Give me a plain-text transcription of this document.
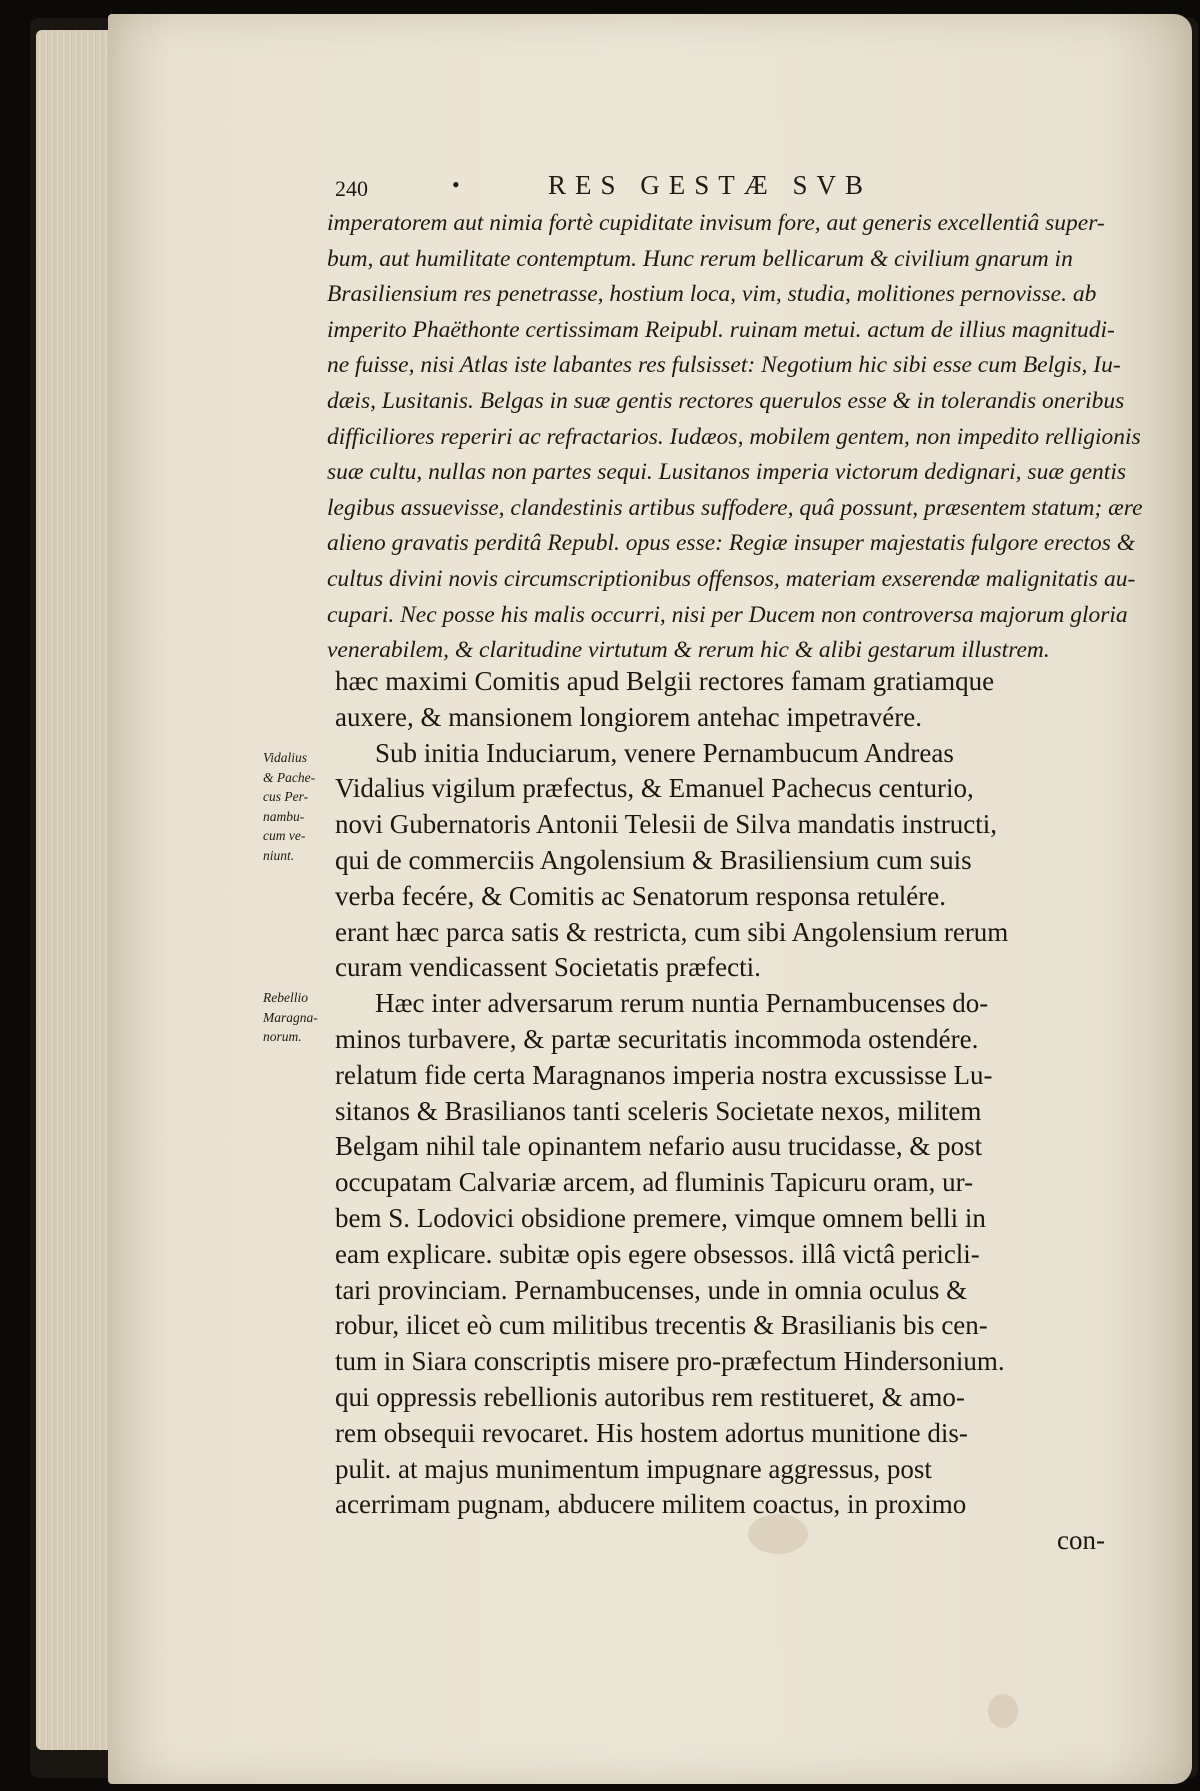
240	•	RES GESTÆ SVB
imperatorem aut nimia fortè cupiditate invisum fore, aut generis excellentiâ super-
bum, aut humilitate contemptum. Hunc rerum bellicarum & civilium gnarum in
Brasiliensium res penetrasse, hostium loca, vim, studia, molitiones pernovisse. ab
imperito Phaëthonte certissimam Reipubl. ruinam metui. actum de illius magnitudi-
ne fuisse, nisi Atlas iste labantes res fulsisset: Negotium hic sibi esse cum Belgis, Iu-
dæis, Lusitanis. Belgas in suæ gentis rectores querulos esse & in tolerandis oneribus
difficiliores reperiri ac refractarios. Iudæos, mobilem gentem, non impedito relligionis
suæ cultu, nullas non partes sequi. Lusitanos imperia victorum dedignari, suæ gentis
legibus assuevisse, clandestinis artibus suffodere, quâ possunt, præsentem statum; ære
alieno gravatis perditâ Republ. opus esse: Regiæ insuper majestatis fulgore erectos &
cultus divini novis circumscriptionibus offensos, materiam exserendæ malignitatis au-
cupari. Nec posse his malis occurri, nisi per Ducem non controversa majorum gloria
venerabilem, & claritudine virtutum & rerum hic & alibi gestarum illustrem.
hæc maximi Comitis apud Belgii rectores famam gratiamque
auxere, & mansionem longiorem antehac impetravére.
Sub initia Induciarum, venere Pernambucum Andreas
Vidalius vigilum præfectus, & Emanuel Pachecus centurio,
novi Gubernatoris Antonii Telesii de Silva mandatis instructi,
qui de commerciis Angolensium & Brasiliensium cum suis
verba fecére, & Comitis ac Senatorum responsa retulére.
erant hæc parca satis & restricta, cum sibi Angolensium rerum
curam vendicassent Societatis præfecti.
Hæc inter adversarum rerum nuntia Pernambucenses do-
minos turbavere, & partæ securitatis incommoda ostendére.
relatum fide certa Maragnanos imperia nostra excussisse Lu-
sitanos & Brasilianos tanti sceleris Societate nexos, militem
Belgam nihil tale opinantem nefario ausu trucidasse, & post
occupatam Calvariæ arcem, ad fluminis Tapicuru oram, ur-
bem S. Lodovici obsidione premere, vimque omnem belli in
eam explicare. subitæ opis egere obsessos. illâ victâ pericli-
tari provinciam. Pernambucenses, unde in omnia oculus &
robur, ilicet eò cum militibus trecentis & Brasilianis bis cen-
tum in Siara conscriptis misere pro-præfectum Hindersonium.
qui oppressis rebellionis autoribus rem restitueret, & amo-
rem obsequii revocaret. His hostem adortus munitione dis-
pulit. at majus munimentum impugnare aggressus, post
acerrimam pugnam, abducere militem coactus, in proximo
con-
Vidalius
& Pache-
cus Per-
nambu-
cum ve-
niunt.
Rebellio
Maragna-
norum.
